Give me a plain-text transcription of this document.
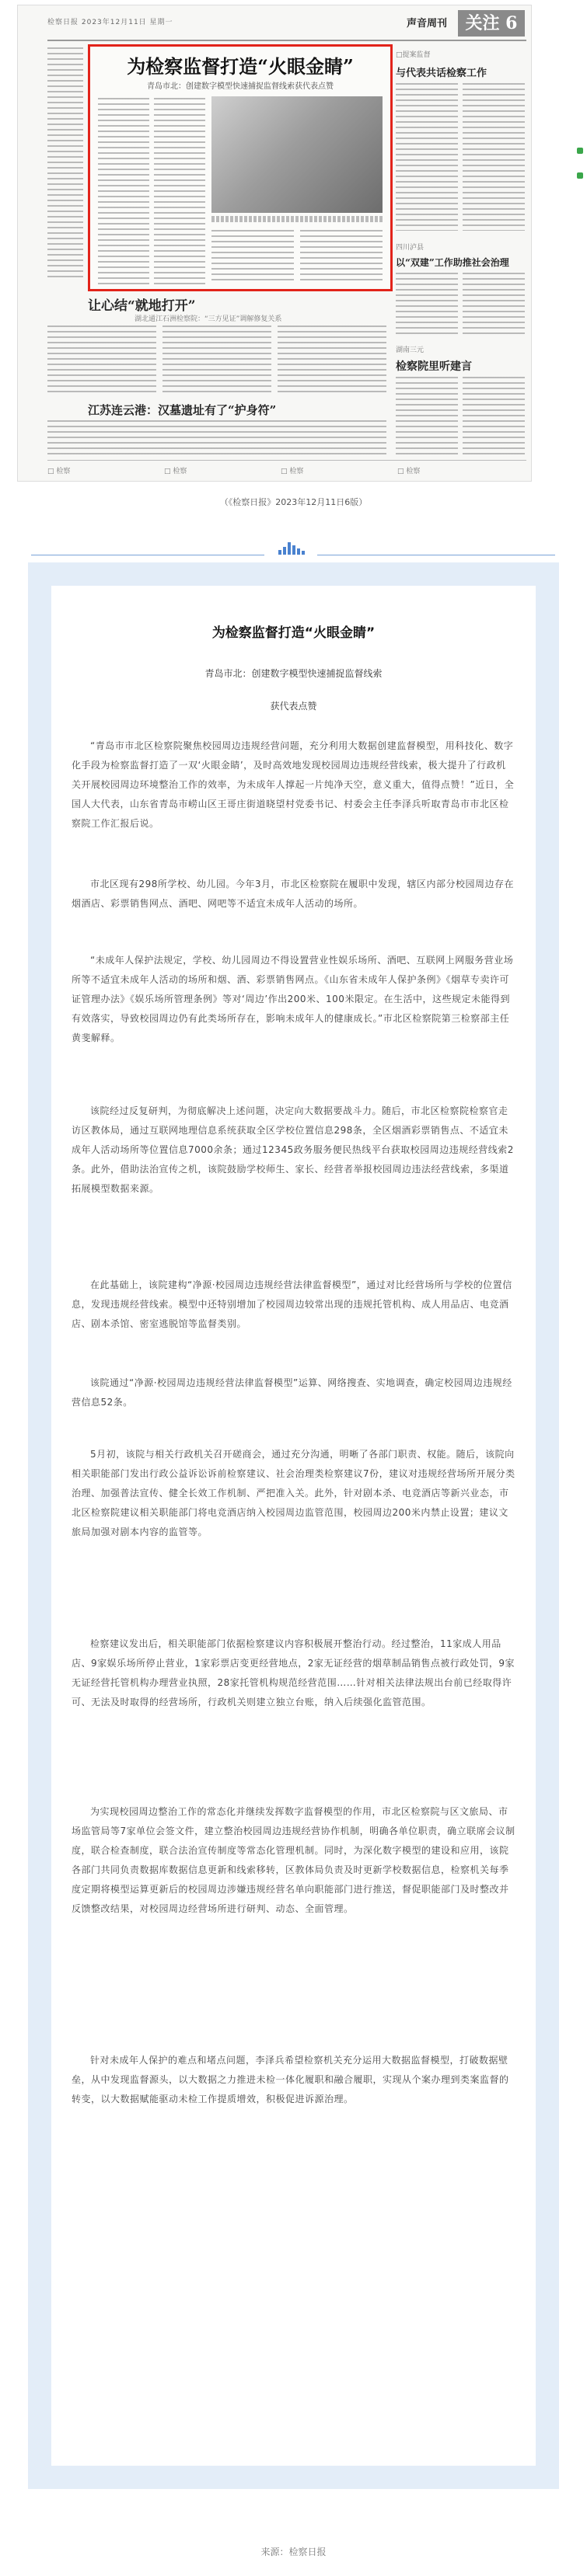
检察日报 2023年12月11日 星期一	声音周刊	关注 6
为检察监督打造“火眼金睛”
青岛市北：创建数字模型快速捕捉监督线索获代表点赞
让心结“就地打开”
湖北通江石洲检察院：“三方见证”调解修复关系
江苏连云港：汉墓遗址有了“护身符”
□提案监督
与代表共话检察工作
四川泸县
以“双建”工作助推社会治理
湖南三元
检察院里听建言
□ 检察	□ 检察	□ 检察	□ 检察
（《检察日报》2023年12月11日6版）
为检察监督打造“火眼金睛”
青岛市北：创建数字模型快速捕捉监督线索
获代表点赞

“青岛市市北区检察院聚焦校园周边违规经营问题，充分利用大数据创建监督模型，用科技化、数字化手段为检察监督打造了一双‘火眼金睛’，及时高效地发现校园周边违规经营线索，极大提升了行政机关开展校园周边环境整治工作的效率，为未成年人撑起一片纯净天空，意义重大，值得点赞！”近日，全国人大代表，山东省青岛市崂山区王哥庄街道晓望村党委书记、村委会主任李泽兵听取青岛市市北区检察院工作汇报后说。

市北区现有298所学校、幼儿园。今年3月，市北区检察院在履职中发现，辖区内部分校园周边存在烟酒店、彩票销售网点、酒吧、网吧等不适宜未成年人活动的场所。

“未成年人保护法规定，学校、幼儿园周边不得设置营业性娱乐场所、酒吧、互联网上网服务营业场所等不适宜未成年人活动的场所和烟、酒、彩票销售网点。《山东省未成年人保护条例》《烟草专卖许可证管理办法》《娱乐场所管理条例》等对‘周边’作出200米、100米限定。在生活中，这些规定未能得到有效落实，导致校园周边仍有此类场所存在，影响未成年人的健康成长。”市北区检察院第三检察部主任黄斐解释。

该院经过反复研判，为彻底解决上述问题，决定向大数据要战斗力。随后，市北区检察院检察官走访区教体局，通过互联网地理信息系统获取全区学校位置信息298条，全区烟酒彩票销售点、不适宜未成年人活动场所等位置信息7000余条；通过12345政务服务便民热线平台获取校园周边违规经营线索2条。此外，借助法治宣传之机，该院鼓励学校师生、家长、经营者举报校园周边违法经营线索，多渠道拓展模型数据来源。

在此基础上，该院建构“净源·校园周边违规经营法律监督模型”，通过对比经营场所与学校的位置信息，发现违规经营线索。模型中还特别增加了校园周边较常出现的违规托管机构、成人用品店、电竞酒店、剧本杀馆、密室逃脱馆等监督类别。

该院通过“净源·校园周边违规经营法律监督模型”运算、网络搜查、实地调查，确定校园周边违规经营信息52条。

5月初，该院与相关行政机关召开磋商会，通过充分沟通，明晰了各部门职责、权能。随后，该院向相关职能部门发出行政公益诉讼诉前检察建议、社会治理类检察建议7份，建议对违规经营场所开展分类治理、加强普法宣传、健全长效工作机制、严把准入关。此外，针对剧本杀、电竞酒店等新兴业态，市北区检察院建议相关职能部门将电竞酒店纳入校园周边监管范围，校园周边200米内禁止设置；建议文旅局加强对剧本内容的监管等。

检察建议发出后，相关职能部门依据检察建议内容积极展开整治行动。经过整治，11家成人用品店、9家娱乐场所停止营业，1家彩票店变更经营地点，2家无证经营的烟草制品销售点被行政处罚，9家无证经营托管机构办理营业执照，28家托管机构规范经营范围……针对相关法律法规出台前已经取得许可、无法及时取得的经营场所，行政机关则建立独立台账，纳入后续强化监管范围。

为实现校园周边整治工作的常态化并继续发挥数字监督模型的作用，市北区检察院与区文旅局、市场监管局等7家单位会签文件，建立整治校园周边违规经营协作机制，明确各单位职责，确立联席会议制度，联合检查制度，联合法治宣传制度等常态化管理机制。同时，为深化数字模型的建设和应用，该院各部门共同负责数据库数据信息更新和线索移转，区教体局负责及时更新学校数据信息，检察机关每季度定期将模型运算更新后的校园周边涉嫌违规经营名单向职能部门进行推送，督促职能部门及时整改并反馈整改结果，对校园周边经营场所进行研判、动态、全面管理。

针对未成年人保护的难点和堵点问题，李泽兵希望检察机关充分运用大数据监督模型，打破数据壁垒，从中发现监督源头，以大数据之力推进未检一体化履职和融合履职，实现从个案办理到类案监督的转变，以大数据赋能驱动未检工作提质增效，积极促进诉源治理。

来源：检察日报
